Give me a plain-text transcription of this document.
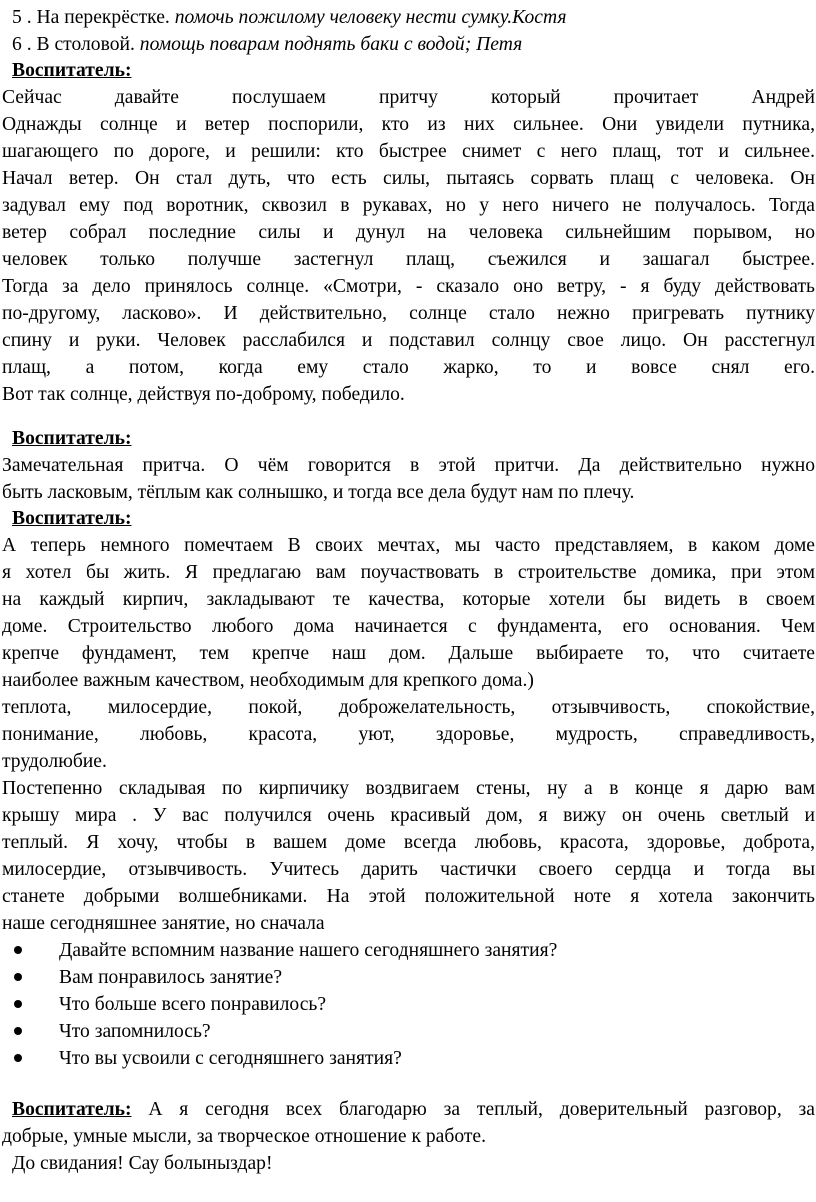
5 . На перекрёстке. помочь пожилому человеку нести сумку.Костя
6 . В столовой. помощь поварам поднять баки с водой; Петя
Воспитатель:
Сейчас давайте послушаем притчу который прочитает Андрей
Однажды солнце и ветер поспорили, кто из них сильнее. Они увидели путника,
шагающего по дороге, и решили: кто быстрее снимет с него плащ, тот и сильнее.
Начал ветер. Он стал дуть, что есть силы, пытаясь сорвать плащ с человека. Он
задувал ему под воротник, сквозил в рукавах, но у него ничего не получалось. Тогда
ветер собрал последние силы и дунул на человека сильнейшим порывом, но
человек только получше застегнул плащ, съежился и зашагал быстрее.
Тогда за дело принялось солнце. «Смотри, - сказало оно ветру, - я буду действовать
по-другому, ласково». И действительно, солнце стало нежно пригревать путнику
спину и руки. Человек расслабился и подставил солнцу свое лицо. Он расстегнул
плащ, а потом, когда ему стало жарко, то и вовсе снял его.
Вот так солнце, действуя по-доброму, победило.
Воспитатель:
Замечательная притча. О чём говорится в этой притчи. Да действительно нужно
быть ласковым, тёплым как солнышко, и тогда все дела будут нам по плечу.
Воспитатель:
А теперь немного помечтаем В своих мечтах, мы часто представляем, в каком доме
я хотел бы жить. Я предлагаю вам поучаствовать в строительстве домика, при этом
на каждый кирпич, закладывают те качества, которые хотели бы видеть в своем
доме. Строительство любого дома начинается с фундамента, его основания. Чем
крепче фундамент, тем крепче наш дом. Дальше выбираете то, что считаете
наиболее важным качеством, необходимым для крепкого дома.)
теплота, милосердие, покой, доброжелательность, отзывчивость, спокойствие,
понимание, любовь, красота, уют, здоровье, мудрость, справедливость,
трудолюбие.
Постепенно складывая по кирпичику воздвигаем стены, ну а в конце я дарю вам
крышу мира . У вас получился очень красивый дом, я вижу он очень светлый и
теплый. Я хочу, чтобы в вашем доме всегда любовь, красота, здоровье, доброта,
милосердие, отзывчивость. Учитесь дарить частички своего сердца и тогда вы
станете добрыми волшебниками. На этой положительной ноте я хотела закончить
наше сегодняшнее занятие, но сначала
Давайте вспомним название нашего сегодняшнего занятия?
Вам понравилось занятие?
Что больше всего понравилось?
Что запомнилось?
Что вы усвоили с сегодняшнего занятия?
Воспитатель: А я сегодня всех благодарю за теплый, доверительный разговор, за
добрые, умные мысли, за творческое отношение к работе.
До свидания! Сау болыныздар!
